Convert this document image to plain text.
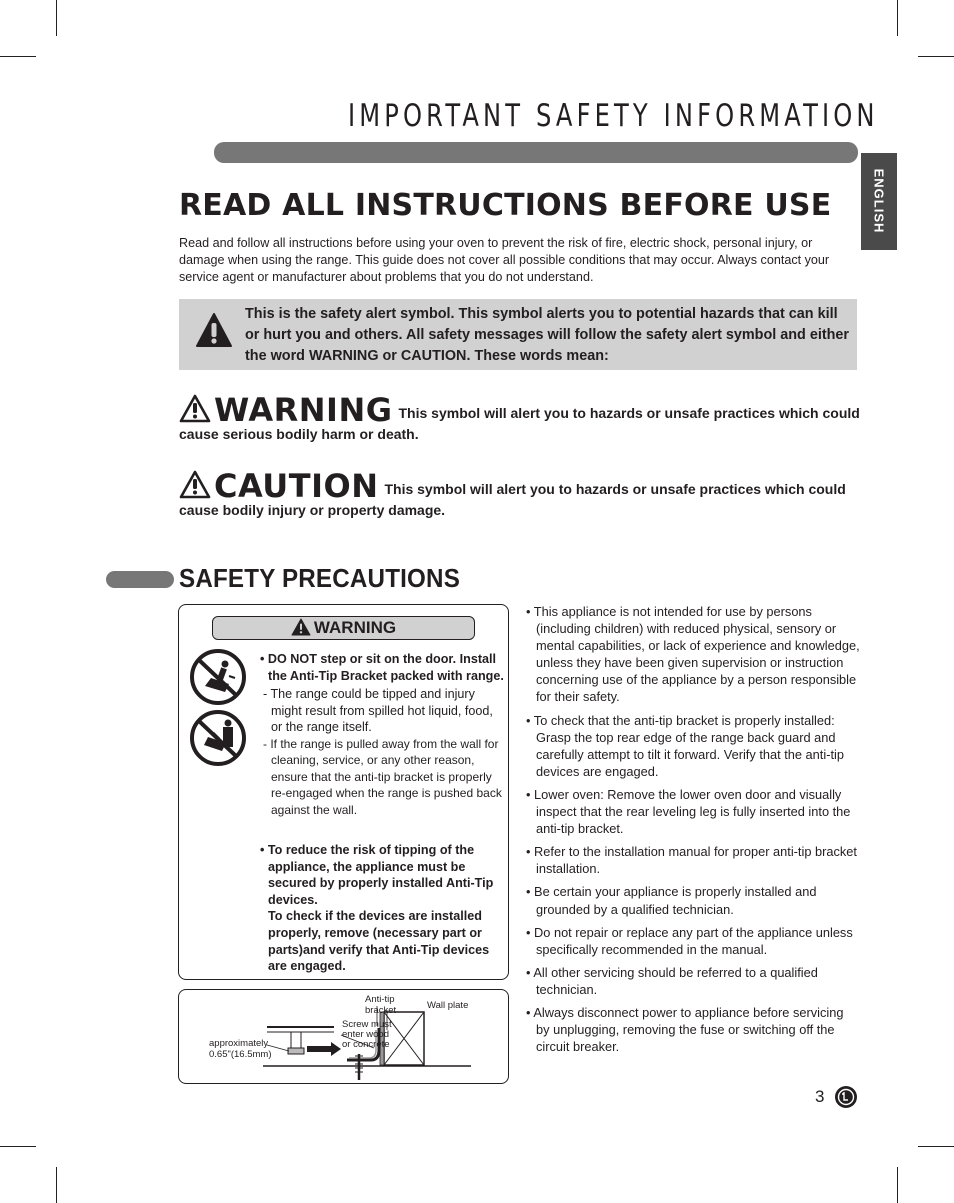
IMPORTANT SAFETY INFORMATION
ENGLISH
READ ALL INSTRUCTIONS BEFORE USE
Read and follow all instructions before using your oven to prevent the risk of fire, electric shock, personal injury, or damage when using the range. This guide does not cover all possible conditions that may occur. Always contact your service agent or manufacturer about problems that you do not understand.
This is the safety alert symbol. This symbol alerts you to potential hazards that can kill or hurt you and others. All safety messages will follow the safety alert symbol and either the word WARNING or CAUTION. These words mean:
WARNING This symbol will alert you to hazards or unsafe practices which could cause serious bodily harm or death.
CAUTION This symbol will alert you to hazards or unsafe practices which could cause bodily injury or property damage.
SAFETY PRECAUTIONS
WARNING
• DO NOT step or sit on the door. Install the Anti-Tip Bracket packed with range.
- The range could be tipped and injury might result from spilled hot liquid, food, or the range itself.
- If the range is pulled away from the wall for cleaning, service, or any other reason, ensure that the anti-tip bracket is properly re-engaged when the range is pushed back against the wall.
• To reduce the risk of tipping of the appliance, the appliance must be secured by properly installed Anti-Tip devices.
To check if the devices are installed properly, remove (necessary part or parts)and verify that Anti-Tip devices are engaged.
Anti-tip
bracket	Wall plate
Screw must
enter wood
or concrete
approximately
0.65"(16.5mm)
• This appliance is not intended for use by persons (including children) with reduced physical, sensory or mental capabilities, or lack of experience and knowledge, unless they have been given supervision or instruction concerning use of the appliance by a person responsible for their safety.
• To check that the anti-tip bracket is properly installed:
Grasp the top rear edge of the range back guard and carefully attempt to tilt it forward. Verify that the anti-tip devices are engaged.
• Lower oven: Remove the lower oven door and visually inspect that the rear leveling leg is fully inserted into the anti-tip bracket.
• Refer to the installation manual for proper anti-tip bracket installation.
• Be certain your appliance is properly installed and grounded by a qualified technician.
• Do not repair or replace any part of the appliance unless specifically recommended in the manual.
• All other servicing should be referred to a qualified technician.
• Always disconnect power to appliance before servicing by unplugging, removing the fuse or switching off the circuit breaker.
3
